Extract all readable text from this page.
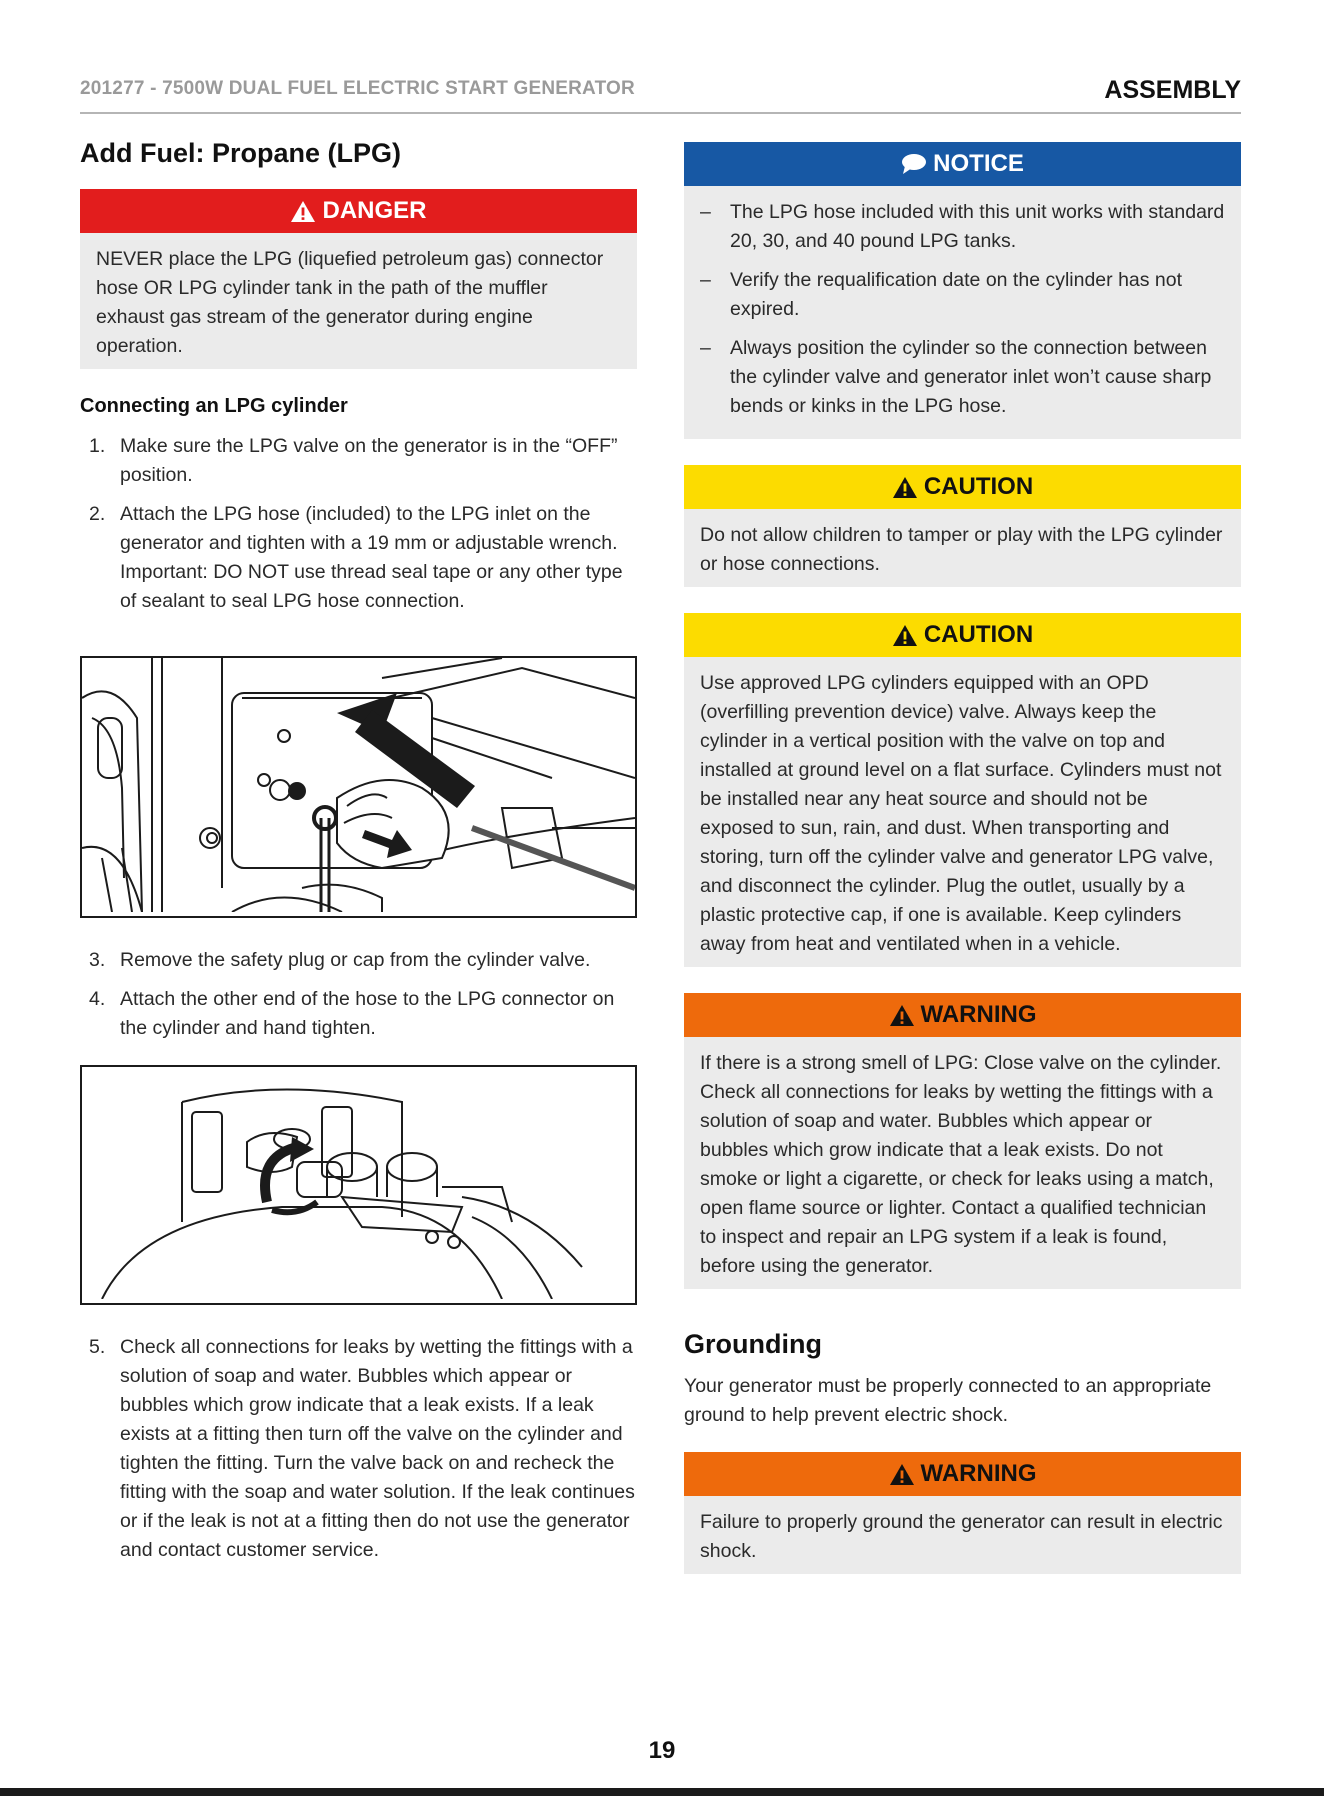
201277 - 7500W DUAL FUEL ELECTRIC START GENERATOR	ASSEMBLY
Add Fuel: Propane (LPG)
DANGER
NEVER place the LPG (liquefied petroleum gas) connector hose OR LPG cylinder tank in the path of the muffler exhaust gas stream of the generator during engine operation.
Connecting an LPG cylinder
1. Make sure the LPG valve on the generator is in the “OFF” position.
2. Attach the LPG hose (included) to the LPG inlet on the generator and tighten with a 19 mm or adjustable wrench. Important: DO NOT use thread seal tape or any other type of sealant to seal LPG hose connection.
3. Remove the safety plug or cap from the cylinder valve.
4. Attach the other end of the hose to the LPG connector on the cylinder and hand tighten.
5. Check all connections for leaks by wetting the fittings with a solution of soap and water. Bubbles which appear or bubbles which grow indicate that a leak exists. If a leak exists at a fitting then turn off the valve on the cylinder and tighten the fitting. Turn the valve back on and recheck the fitting with the soap and water solution. If the leak continues or if the leak is not at a fitting then do not use the generator and contact customer service.
NOTICE
– The LPG hose included with this unit works with standard 20, 30, and 40 pound LPG tanks.
– Verify the requalification date on the cylinder has not expired.
– Always position the cylinder so the connection between the cylinder valve and generator inlet won’t cause sharp bends or kinks in the LPG hose.
CAUTION
Do not allow children to tamper or play with the LPG cylinder or hose connections.
CAUTION
Use approved LPG cylinders equipped with an OPD (overfilling prevention device) valve. Always keep the cylinder in a vertical position with the valve on top and installed at ground level on a flat surface. Cylinders must not be installed near any heat source and should not be exposed to sun, rain, and dust. When transporting and storing, turn off the cylinder valve and generator LPG valve, and disconnect the cylinder. Plug the outlet, usually by a plastic protective cap, if one is available. Keep cylinders away from heat and ventilated when in a vehicle.
WARNING
If there is a strong smell of LPG: Close valve on the cylinder. Check all connections for leaks by wetting the fittings with a solution of soap and water. Bubbles which appear or bubbles which grow indicate that a leak exists. Do not smoke or light a cigarette, or check for leaks using a match, open flame source or lighter. Contact a qualified technician to inspect and repair an LPG system if a leak is found, before using the generator.
Grounding

Your generator must be properly connected to an appropriate ground to help prevent electric shock.

WARNING
Failure to properly ground the generator can result in electric shock.
19
